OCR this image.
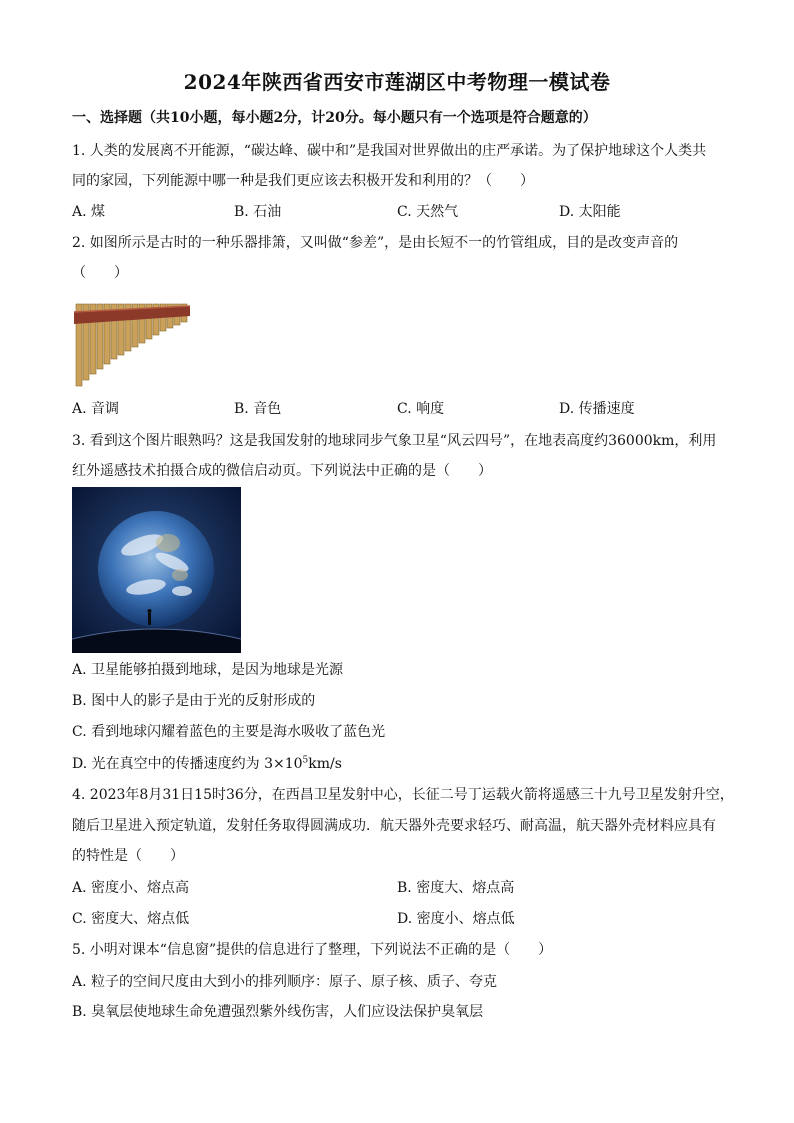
2024年陕西省西安市莲湖区中考物理一模试卷
一、选择题（共10小题，每小题2分，计20分。每小题只有一个选项是符合题意的）
1. 人类的发展离不开能源，“碳达峰、碳中和”是我国对世界做出的庄严承诺。为了保护地球这个人类共
同的家园，下列能源中哪一种是我们更应该去积极开发和利用的？（　　）
A. 煤	B. 石油	C. 天然气	D. 太阳能
2. 如图所示是古时的一种乐器排箫，又叫做“参差”，是由长短不一的竹管组成，目的是改变声音的
（　　）
A. 音调	B. 音色	C. 响度	D. 传播速度
3. 看到这个图片眼熟吗？这是我国发射的地球同步气象卫星“风云四号”，在地表高度约36000km，利用
红外遥感技术拍摄合成的微信启动页。下列说法中正确的是（　　）
A. 卫星能够拍摄到地球，是因为地球是光源
B. 图中人的影子是由于光的反射形成的
C. 看到地球闪耀着蓝色的主要是海水吸收了蓝色光
D. 光在真空中的传播速度约为 $3\times 10^5km/s$
4. 2023年8月31日15时36分，在西昌卫星发射中心，长征二号丁运载火箭将遥感三十九号卫星发射升空，
随后卫星进入预定轨道，发射任务取得圆满成功．航天器外壳要求轻巧、耐高温，航天器外壳材料应具有
的特性是（　　）
A. 密度小、熔点高	B. 密度大、熔点高
C. 密度大、熔点低	D. 密度小、熔点低
5. 小明对课本“信息窗”提供的信息进行了整理，下列说法不正确的是（　　）
A. 粒子的空间尺度由大到小的排列顺序：原子、原子核、质子、夸克
B. 臭氧层使地球生命免遭强烈紫外线伤害，人们应设法保护臭氧层
